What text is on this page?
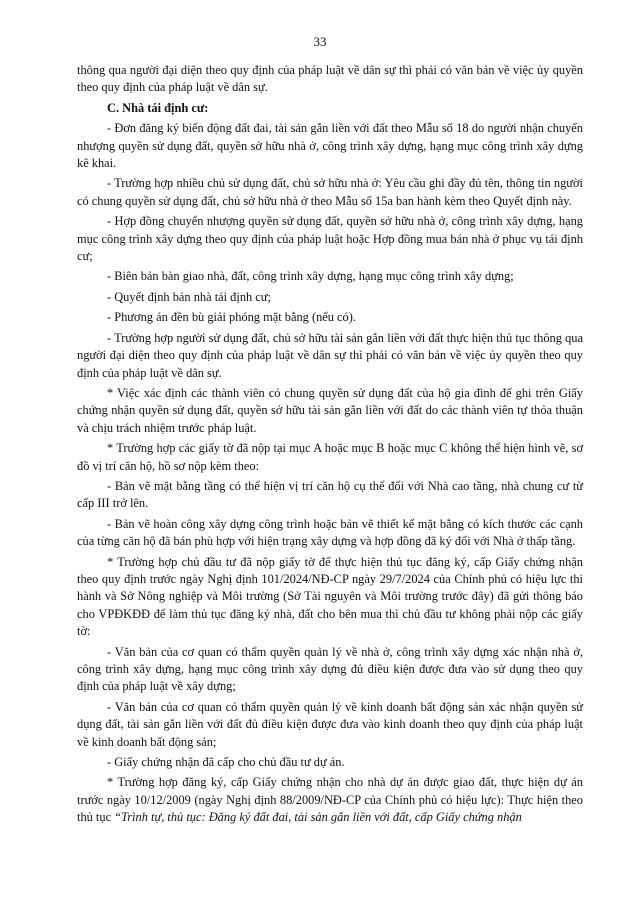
33

thông qua người đại diện theo quy định của pháp luật về dân sự thì phải có văn bản về việc ủy quyền theo quy định của pháp luật về dân sự.

C. Nhà tái định cư:

- Đơn đăng ký biến động đất đai, tài sản gắn liền với đất theo Mẫu số 18 do người nhận chuyển nhượng quyền sử dụng đất, quyền sở hữu nhà ở, công trình xây dựng, hạng mục công trình xây dựng kê khai.

- Trường hợp nhiều chủ sử dụng đất, chủ sở hữu nhà ở: Yêu cầu ghi đầy đủ tên, thông tin người có chung quyền sử dụng đất, chủ sở hữu nhà ở theo Mẫu số 15a ban hành kèm theo Quyết định này.

- Hợp đồng chuyển nhượng quyền sử dụng đất, quyền sở hữu nhà ở, công trình xây dựng, hạng mục công trình xây dựng theo quy định của pháp luật hoặc Hợp đồng mua bán nhà ở phục vụ tái định cư;

- Biên bản bàn giao nhà, đất, công trình xây dựng, hạng mục công trình xây dựng;

- Quyết định bán nhà tái định cư;

- Phương án đền bù giải phóng mặt bằng (nếu có).

- Trường hợp người sử dụng đất, chủ sở hữu tài sản gắn liền với đất thực hiện thủ tục thông qua người đại diện theo quy định của pháp luật về dân sự thì phải có văn bản về việc ủy quyền theo quy định của pháp luật về dân sự.

* Việc xác định các thành viên có chung quyền sử dụng đất của hộ gia đình để ghi trên Giấy chứng nhận quyền sử dụng đất, quyền sở hữu tài sản gắn liền với đất do các thành viên tự thỏa thuận và chịu trách nhiệm trước pháp luật.

* Trường hợp các giấy tờ đã nộp tại mục A hoặc mục B hoặc mục C không thể hiện hình vẽ, sơ đồ vị trí căn hộ, hồ sơ nộp kèm theo:

- Bản vẽ mặt bằng tầng có thể hiện vị trí căn hộ cụ thể đối với Nhà cao tầng, nhà chung cư từ cấp III trở lên.

- Bản vẽ hoàn công xây dựng công trình hoặc bản vẽ thiết kế mặt bằng có kích thước các cạnh của từng căn hộ đã bán phù hợp với hiện trạng xây dựng và hợp đồng đã ký đối với Nhà ở thấp tầng.

* Trường hợp chủ đầu tư đã nộp giấy tờ để thực hiện thủ tục đăng ký, cấp Giấy chứng nhận theo quy định trước ngày Nghị định 101/2024/NĐ-CP ngày 29/7/2024 của Chính phủ có hiệu lực thi hành và Sở Nông nghiệp và Môi trường (Sở Tài nguyên và Môi trường trước đây) đã gửi thông báo cho VPĐKĐĐ để làm thủ tục đăng ký nhà, đất cho bên mua thì chủ đầu tư không phải nộp các giấy tờ:

- Văn bản của cơ quan có thẩm quyền quản lý về nhà ở, công trình xây dựng xác nhận nhà ở, công trình xây dựng, hạng mục công trình xây dựng đủ điều kiện được đưa vào sử dụng theo quy định của pháp luật về xây dựng;

- Văn bản của cơ quan có thẩm quyền quản lý về kinh doanh bất động sản xác nhận quyền sử dụng đất, tài sản gắn liền với đất đủ điều kiện được đưa vào kinh doanh theo quy định của pháp luật về kinh doanh bất động sản;

- Giấy chứng nhận đã cấp cho chủ đầu tư dự án.

* Trường hợp đăng ký, cấp Giấy chứng nhận cho nhà dự án được giao đất, thực hiện dự án trước ngày 10/12/2009 (ngày Nghị định 88/2009/NĐ-CP của Chính phủ có hiệu lực): Thực hiện theo thủ tục “Trình tự, thủ tục: Đăng ký đất đai, tài sản gắn liền với đất, cấp Giấy chứng nhận
